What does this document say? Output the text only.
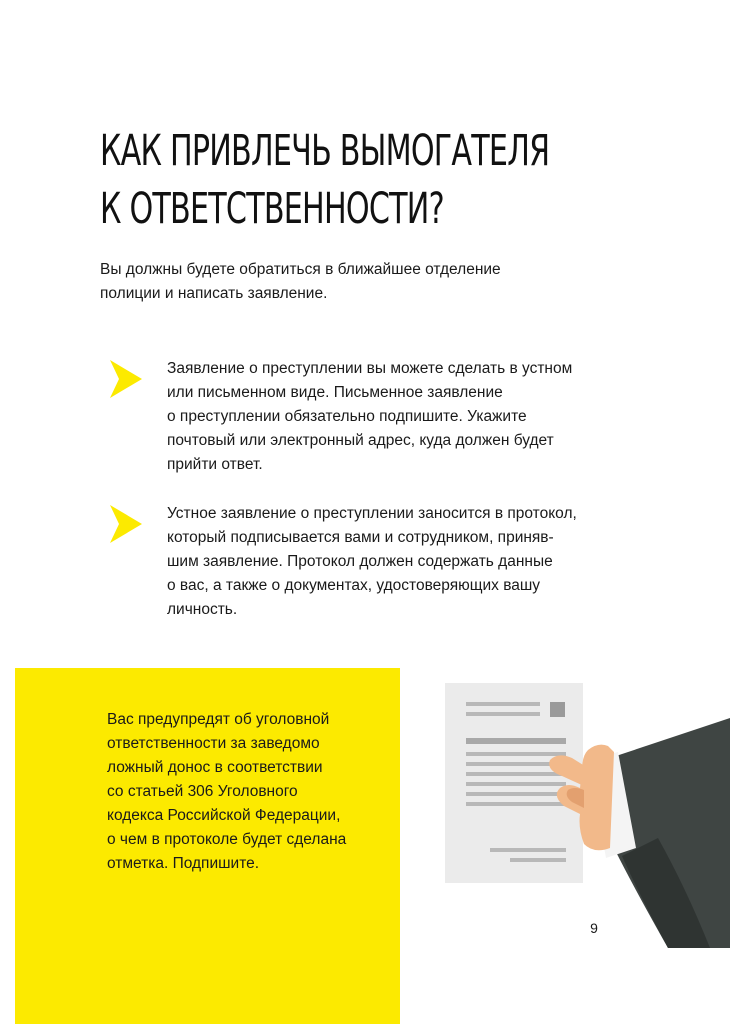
КАК ПРИВЛЕЧЬ ВЫМОГАТЕЛЯ
К ОТВЕТСТВЕННОСТИ?
Вы должны будете обратиться в ближайшее отделение
полиции и написать заявление.
Заявление о преступлении вы можете сделать в устном
или письменном виде. Письменное заявление
о преступлении обязательно подпишите. Укажите
почтовый или электронный адрес, куда должен будет
прийти ответ.
Устное заявление о преступлении заносится в протокол,
который подписывается вами и сотрудником, приняв-
шим заявление. Протокол должен содержать данные
о вас, а также о документах, удостоверяющих вашу
личность.
Вас предупредят об уголовной
ответственности за заведомо
ложный донос в соответствии
со статьей 306 Уголовного
кодекса Российской Федерации,
о чем в протоколе будет сделана
отметка. Подпишите.
9
